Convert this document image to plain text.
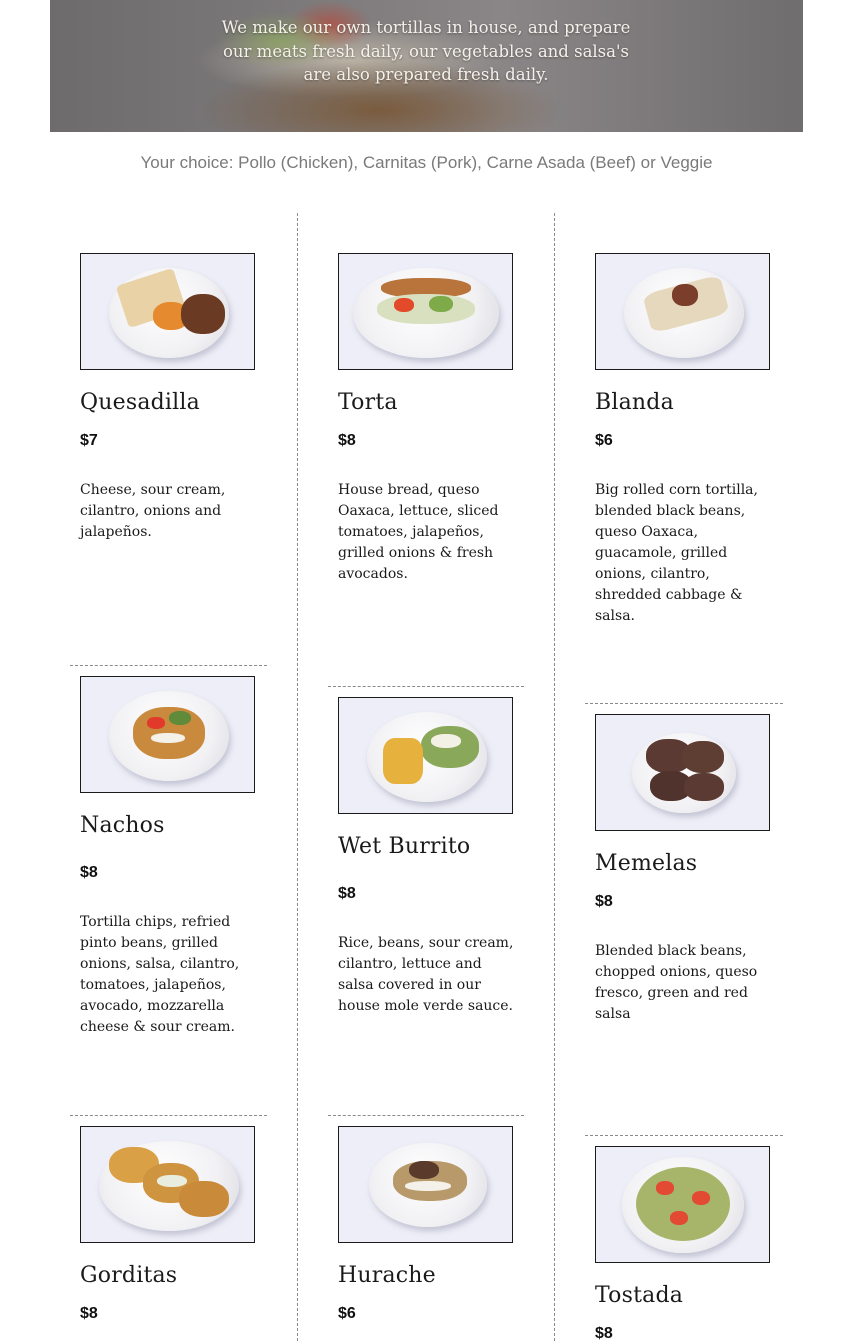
We make our own tortillas in house, and prepare our meats fresh daily, our vegetables and salsa's are also prepared fresh daily.
Your choice: Pollo (Chicken), Carnitas (Pork), Carne Asada (Beef) or Veggie
Quesadilla
$7
Cheese, sour cream, cilantro, onions and jalapeños.
Torta
$8
House bread, queso Oaxaca, lettuce, sliced tomatoes, jalapeños, grilled onions & fresh avocados.
Blanda
$6
Big rolled corn tortilla, blended black beans, queso Oaxaca, guacamole, grilled onions, cilantro, shredded cabbage & salsa.
Nachos
$8
Tortilla chips, refried pinto beans, grilled onions, salsa, cilantro, tomatoes, jalapeños, avocado, mozzarella cheese & sour cream.
Wet Burrito
$8
Rice, beans, sour cream, cilantro, lettuce and salsa covered in our house mole verde sauce.
Memelas
$8
Blended black beans, chopped onions, queso fresco, green and red salsa
Gorditas
$8
Hurache
$6
Tostada
$8
